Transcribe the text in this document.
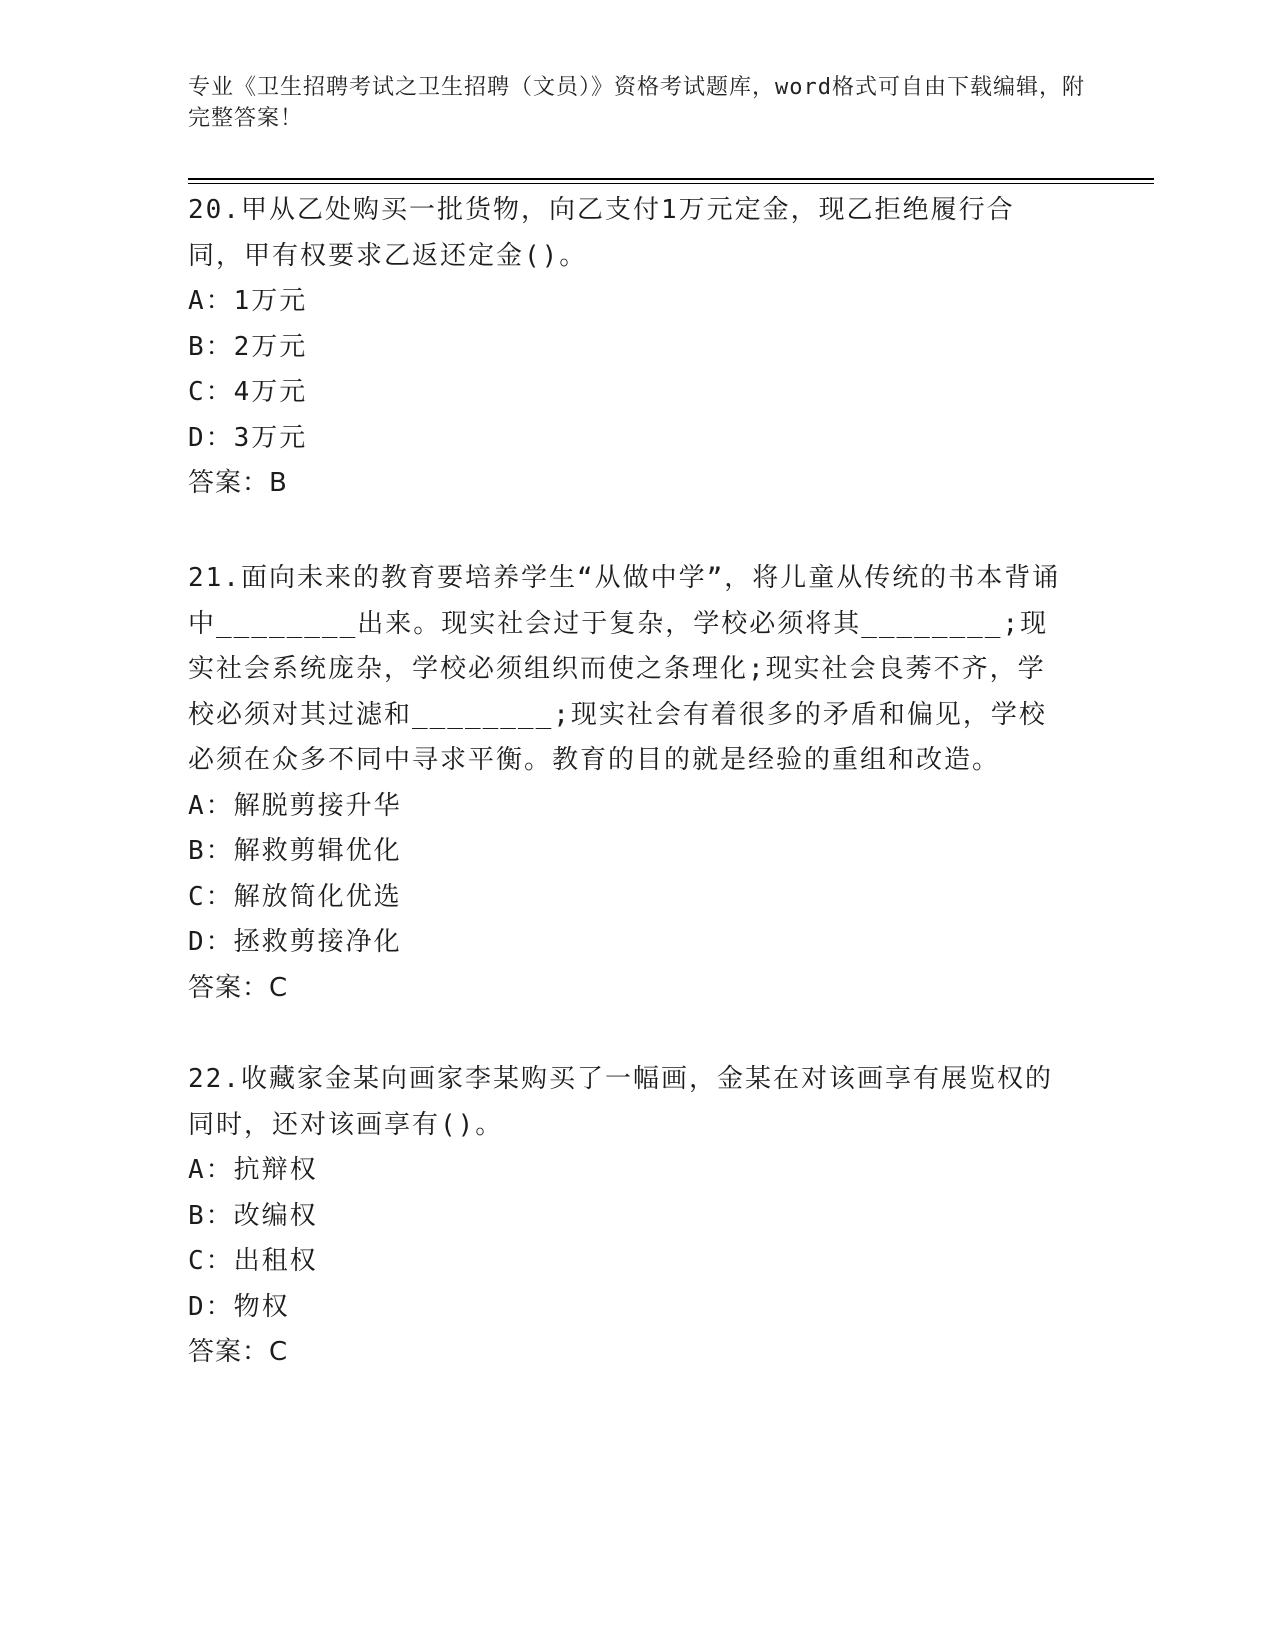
专业《卫生招聘考试之卫生招聘（文员）》资格考试题库，word格式可自由下载编辑，附完整答案！

20.甲从乙处购买一批货物，向乙支付1万元定金，现乙拒绝履行合同，甲有权要求乙返还定金()。

A：1万元

B：2万元

C：4万元

D：3万元

答案：B

21.面向未来的教育要培养学生“从做中学”，将儿童从传统的书本背诵中________出来。现实社会过于复杂，学校必须将其________;现实社会系统庞杂，学校必须组织而使之条理化;现实社会良莠不齐，学校必须对其过滤和________;现实社会有着很多的矛盾和偏见，学校必须在众多不同中寻求平衡。教育的目的就是经验的重组和改造。

A：解脱剪接升华

B：解救剪辑优化

C：解放简化优选

D：拯救剪接净化

答案：C

22.收藏家金某向画家李某购买了一幅画，金某在对该画享有展览权的同时，还对该画享有()。

A：抗辩权

B：改编权

C：出租权

D：物权

答案：C
